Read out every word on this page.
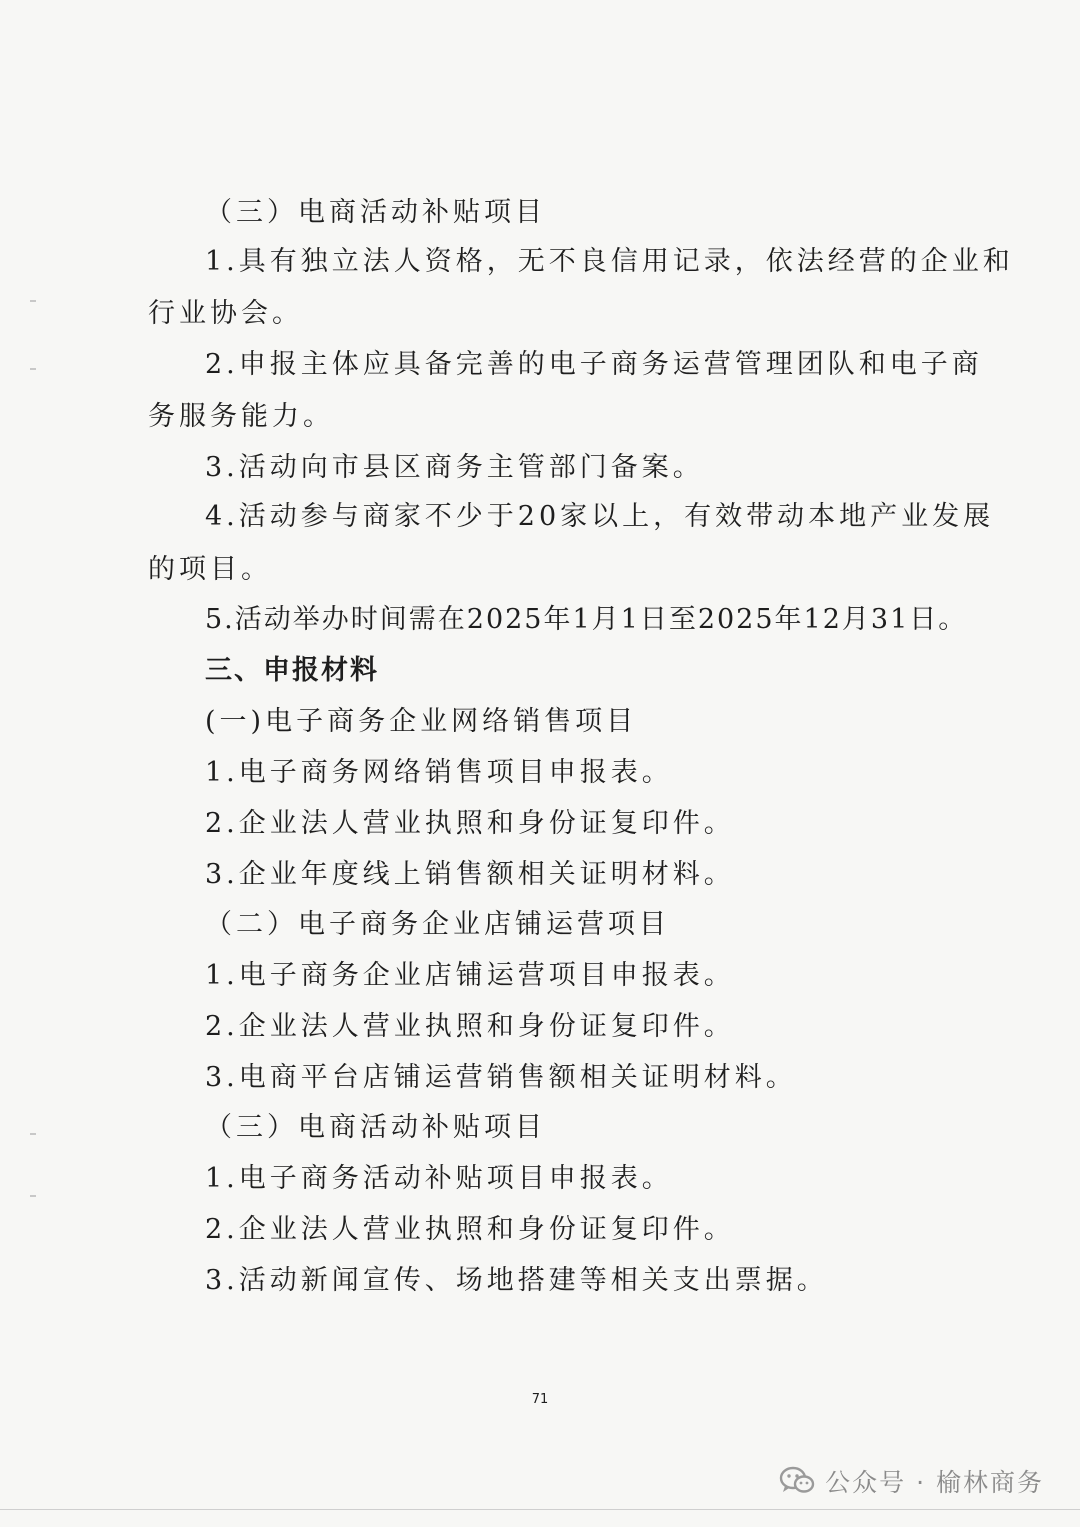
（三）电商活动补贴项目
1.具有独立法人资格，无不良信用记录，依法经营的企业和
行业协会。
2.申报主体应具备完善的电子商务运营管理团队和电子商
务服务能力。
3.活动向市县区商务主管部门备案。
4.活动参与商家不少于20家以上，有效带动本地产业发展
的项目。
5.活动举办时间需在2025年1月1日至2025年12月31日。
三、申报材料
(一)电子商务企业网络销售项目
1.电子商务网络销售项目申报表。
2.企业法人营业执照和身份证复印件。
3.企业年度线上销售额相关证明材料。
（二）电子商务企业店铺运营项目
1.电子商务企业店铺运营项目申报表。
2.企业法人营业执照和身份证复印件。
3.电商平台店铺运营销售额相关证明材料。
（三）电商活动补贴项目
1.电子商务活动补贴项目申报表。
2.企业法人营业执照和身份证复印件。
3.活动新闻宣传、场地搭建等相关支出票据。
71
公众号 · 榆林商务
